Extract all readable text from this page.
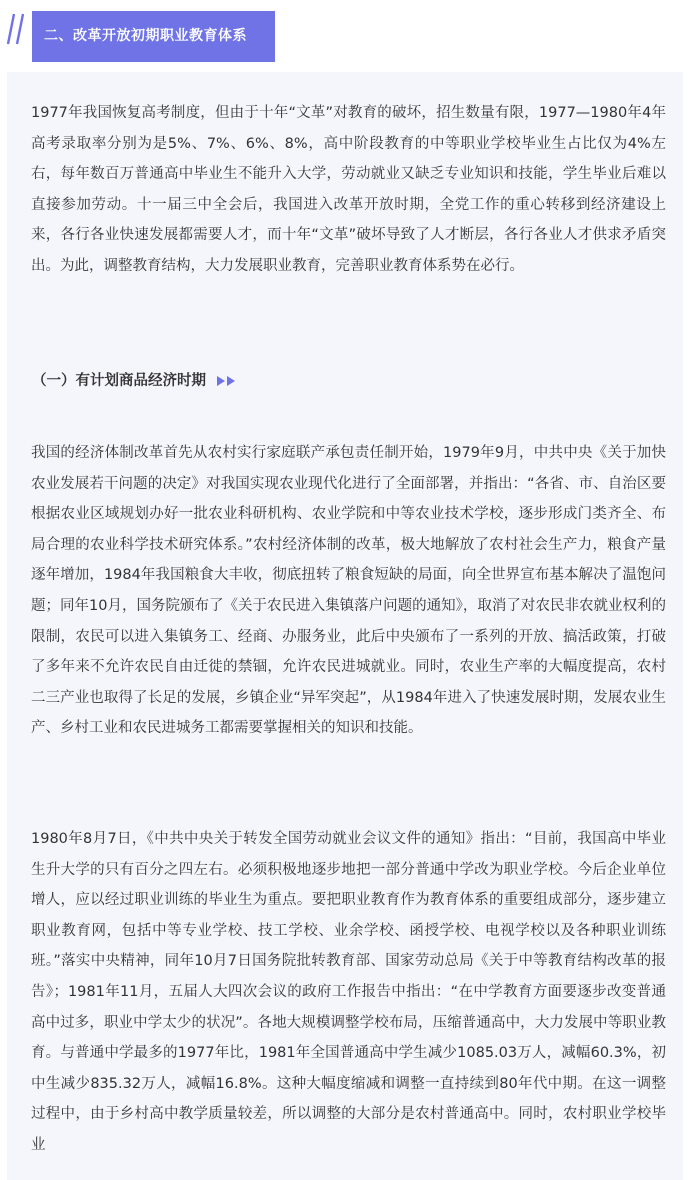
二、改革开放初期职业教育体系

1977年我国恢复高考制度，但由于十年“文革”对教育的破坏，招生数量有限，1977—1980年4年高考录取率分别为是5%、7%、6%、8%，高中阶段教育的中等职业学校毕业生占比仅为4%左右，每年数百万普通高中毕业生不能升入大学，劳动就业又缺乏专业知识和技能，学生毕业后难以直接参加劳动。十一届三中全会后，我国进入改革开放时期，全党工作的重心转移到经济建设上来，各行各业快速发展都需要人才，而十年“文革”破坏导致了人才断层，各行各业人才供求矛盾突出。为此，调整教育结构，大力发展职业教育，完善职业教育体系势在必行。

（一）有计划商品经济时期

我国的经济体制改革首先从农村实行家庭联产承包责任制开始，1979年9月，中共中央《关于加快农业发展若干问题的决定》对我国实现农业现代化进行了全面部署，并指出：“各省、市、自治区要根据农业区域规划办好一批农业科研机构、农业学院和中等农业技术学校，逐步形成门类齐全、布局合理的农业科学技术研究体系。”农村经济体制的改革，极大地解放了农村社会生产力，粮食产量逐年增加，1984年我国粮食大丰收，彻底扭转了粮食短缺的局面，向全世界宣布基本解决了温饱问题；同年10月，国务院颁布了《关于农民进入集镇落户问题的通知》，取消了对农民非农就业权利的限制，农民可以进入集镇务工、经商、办服务业，此后中央颁布了一系列的开放、搞活政策，打破了多年来不允许农民自由迁徙的禁锢，允许农民进城就业。同时，农业生产率的大幅度提高，农村二三产业也取得了长足的发展，乡镇企业“异军突起”，从1984年进入了快速发展时期，发展农业生产、乡村工业和农民进城务工都需要掌握相关的知识和技能。

1980年8月7日，《中共中央关于转发全国劳动就业会议文件的通知》指出：“目前，我国高中毕业生升大学的只有百分之四左右。必须积极地逐步地把一部分普通中学改为职业学校。今后企业单位增人，应以经过职业训练的毕业生为重点。要把职业教育作为教育体系的重要组成部分，逐步建立职业教育网，包括中等专业学校、技工学校、业余学校、函授学校、电视学校以及各种职业训练班。”落实中央精神，同年10月7日国务院批转教育部、国家劳动总局《关于中等教育结构改革的报告》；1981年11月，五届人大四次会议的政府工作报告中指出：“在中学教育方面要逐步改变普通高中过多，职业中学太少的状况”。各地大规模调整学校布局，压缩普通高中，大力发展中等职业教育。与普通中学最多的1977年比，1981年全国普通高中学生减少1085.03万人，减幅60.3%，初中生减少835.32万人，减幅16.8%。这种大幅度缩减和调整一直持续到80年代中期。在这一调整过程中，由于乡村高中教学质量较差，所以调整的大部分是农村普通高中。同时，农村职业学校毕业
